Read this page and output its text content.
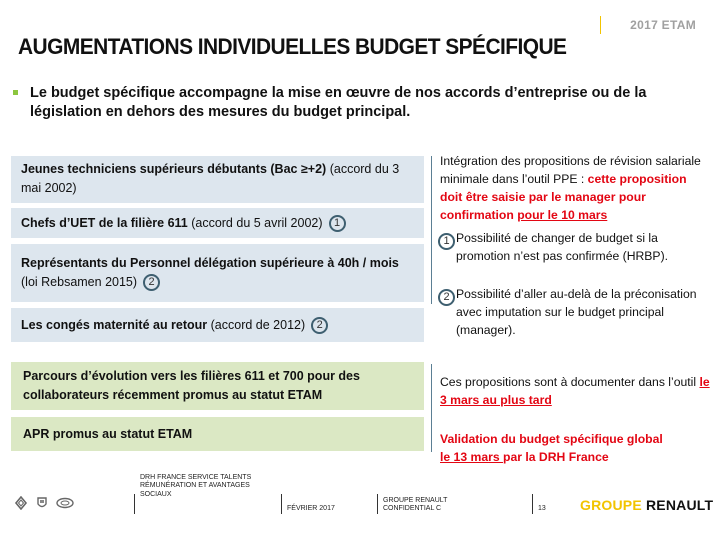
2017 ETAM
AUGMENTATIONS INDIVIDUELLES BUDGET SPÉCIFIQUE
Le budget spécifique accompagne la mise en œuvre de nos accords d’entreprise ou de la législation en dehors des mesures du budget principal.
Jeunes techniciens supérieurs débutants (Bac ≥+2) (accord du 3 mai 2002)
Chefs d’UET de la filière 611 (accord du 5 avril 2002) 1
Représentants du Personnel délégation supérieure à 40h / mois (loi Rebsamen 2015) 2
Les congés maternité au retour (accord de 2012) 2
Parcours d’évolution vers les filières 611 et 700 pour des collaborateurs récemment promus au statut ETAM
APR promus au statut ETAM
Intégration des propositions de révision salariale minimale dans l’outil PPE : cette proposition doit être saisie par le manager pour confirmation pour le 10 mars
1 Possibilité de changer de budget si la promotion n’est pas confirmée (HRBP).
2 Possibilité d’aller au-delà de la préconisation avec imputation sur le budget principal (manager).
Ces propositions sont à documenter dans l’outil le 3 mars au plus tard
Validation du budget spécifique global
le 13 mars par la DRH France
DRH FRANCE SERVICE TALENTS RÉMUNÉRATION ET AVANTAGES SOCIAUX
FÉVRIER 2017
GROUPE RENAULT CONFIDENTIAL C	13 GROUPE RENAULT
